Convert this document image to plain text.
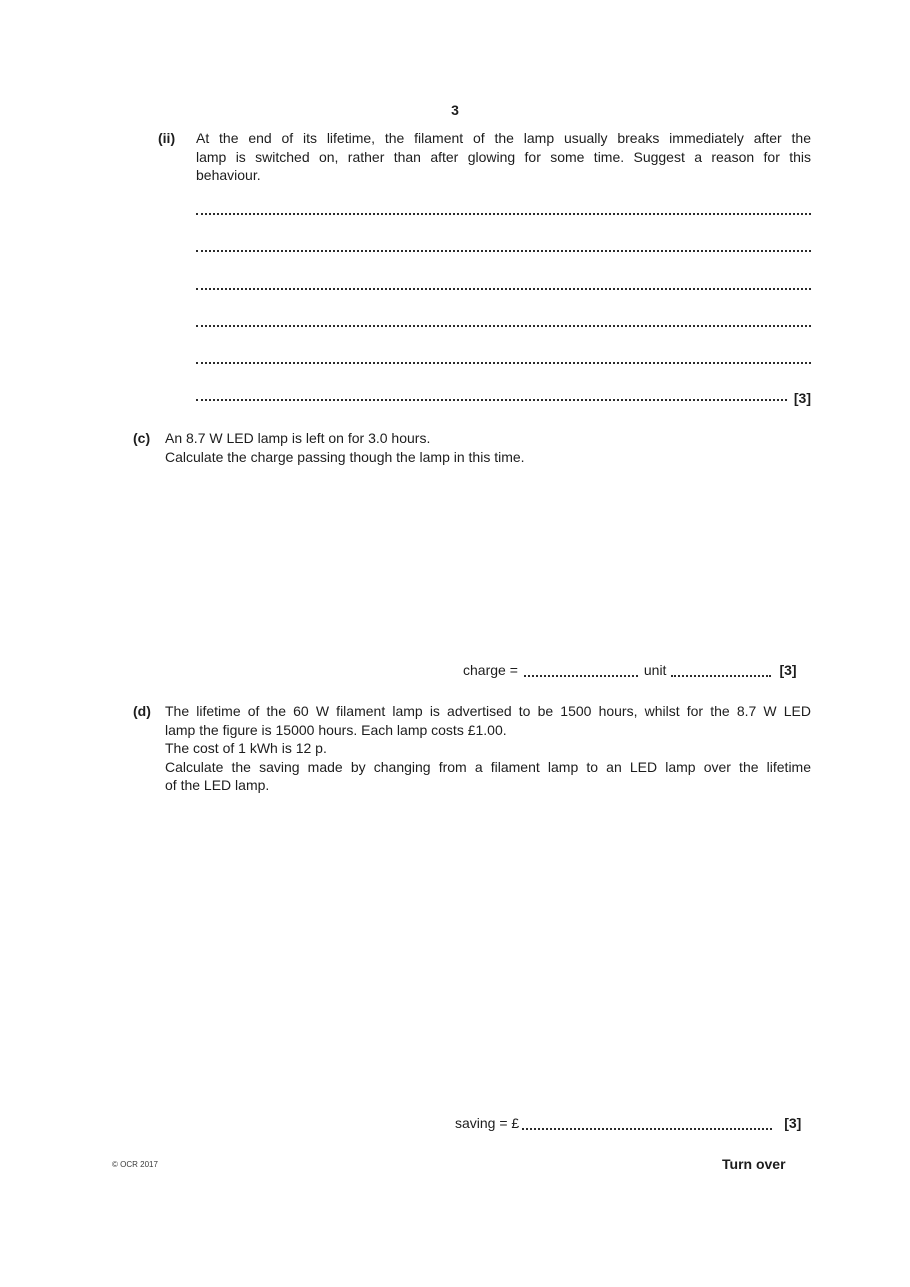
3
(ii)	At the end of its lifetime, the filament of the lamp usually breaks immediately after the
lamp is switched on, rather than after glowing for some time. Suggest a reason for this
behaviour.
[3]
(c)	An 8.7 W LED lamp is left on for 3.0 hours.
Calculate the charge passing though the lamp in this time.
charge =	unit	[3]
(d)	The lifetime of the 60 W filament lamp is advertised to be 1500 hours, whilst for the 8.7 W LED
lamp the figure is 15000 hours. Each lamp costs £1.00.
The cost of 1 kWh is 12 p.
Calculate the saving made by changing from a filament lamp to an LED lamp over the lifetime
of the LED lamp.
saving = £	[3]
© OCR 2017	Turn over
